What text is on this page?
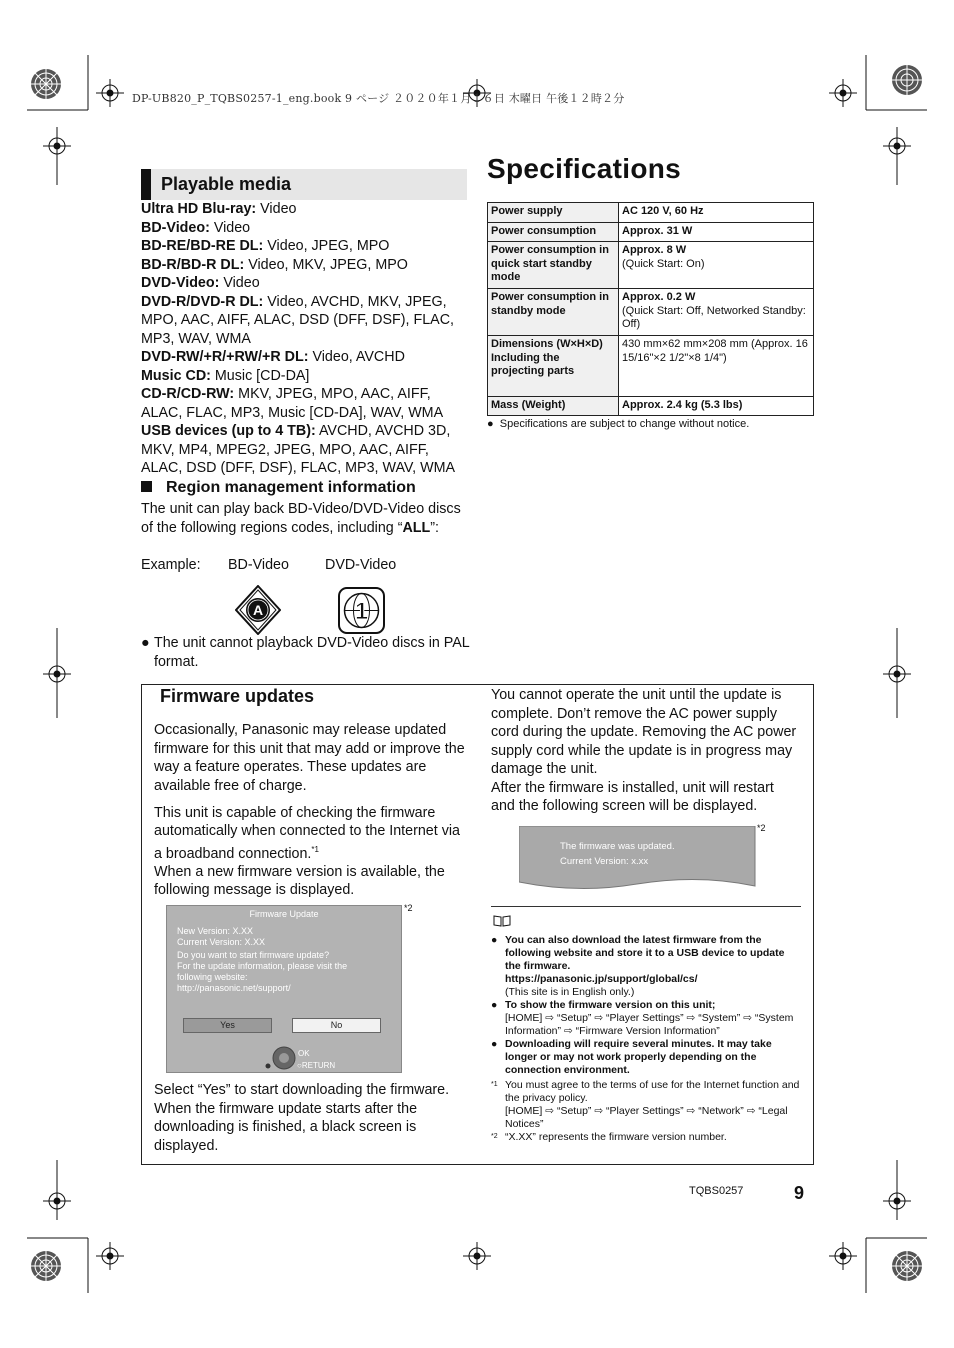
DP-UB820_P_TQBS0257-1_eng.book 9 ページ ２０２０年１月１６日 木曜日 午後１２時２分
Playable media

Ultra HD Blu-ray: Video

BD-Video: Video

BD-RE/BD-RE DL: Video, JPEG, MPO

BD-R/BD-R DL: Video, MKV, JPEG, MPO

DVD-Video: Video

DVD-R/DVD-R DL: Video, AVCHD, MKV, JPEG, MPO, AAC, AIFF, ALAC, DSD (DFF, DSF), FLAC, MP3, WAV, WMA

DVD-RW/+R/+RW/+R DL: Video, AVCHD

Music CD: Music [CD-DA]

CD-R/CD-RW: MKV, JPEG, MPO, AAC, AIFF, ALAC, FLAC, MP3, Music [CD-DA], WAV, WMA

USB devices (up to 4 TB): AVCHD, AVCHD 3D, MKV, MP4, MPEG2, JPEG, MPO, AAC, AIFF, ALAC, DSD (DFF, DSF), FLAC, MP3, WAV, WMA

Region management information

The unit can play back BD-Video/DVD-Video discs of the following regions codes, including “ALL”:

Example: BD-Video	DVD-Video
A	1
● The unit cannot playback DVD-Video discs in PAL format.
Specifications
Power supply	AC 120 V, 60 Hz
Power consumption	Approx. 31 W
Power consumption in quick start standby mode	Approx. 8 W
(Quick Start: On)
Power consumption in standby mode	Approx. 0.2 W
(Quick Start: Off, Networked Standby: Off)
Dimensions (W×H×D) Including the projecting parts	430 mm×62 mm×208 mm (Approx. 16 15/16"×2 1/2"×8 1/4")
Mass (Weight)	Approx. 2.4 kg (5.3 lbs)
● Specifications are subject to change without notice.
Firmware updates

Occasionally, Panasonic may release updated firmware for this unit that may add or improve the way a feature operates. These updates are available free of charge.

This unit is capable of checking the firmware automatically when connected to the Internet via a broadband connection.$^{*1}$

When a new firmware version is available, the following message is displayed.

Firmware Update
New Version: X.XX
Current Version: X.XX
Do you want to start firmware update?
For the update information, please visit the
following website:
http://panasonic.net/support/
Yes	No
OK
○RETURN
*2
Select “Yes” to start downloading the firmware. When the firmware update starts after the downloading is finished, a black screen is displayed.

You cannot operate the unit until the update is complete. Don’t remove the AC power supply cord during the update. Removing the AC power supply cord while the update is in progress may damage the unit.

After the firmware is installed, unit will restart and the following screen will be displayed.

The firmware was updated.
Current Version: x.xx
*2
● You can also download the latest firmware from the following website and store it to a USB device to update the firmware.
https://panasonic.jp/support/global/cs/
(This site is in English only.)
● To show the firmware version on this unit;
[HOME] ⇨ “Setup” ⇨ “Player Settings” ⇨ “System” ⇨ “System Information” ⇨ “Firmware Version Information”
● Downloading will require several minutes. It may take longer or may not work properly depending on the connection environment.
*1 You must agree to the terms of use for the Internet function and the privacy policy.
[HOME] ⇨ “Setup” ⇨ “Player Settings” ⇨ “Network” ⇨ “Legal Notices”
*2 “X.XX” represents the firmware version number.
TQBS0257	9
